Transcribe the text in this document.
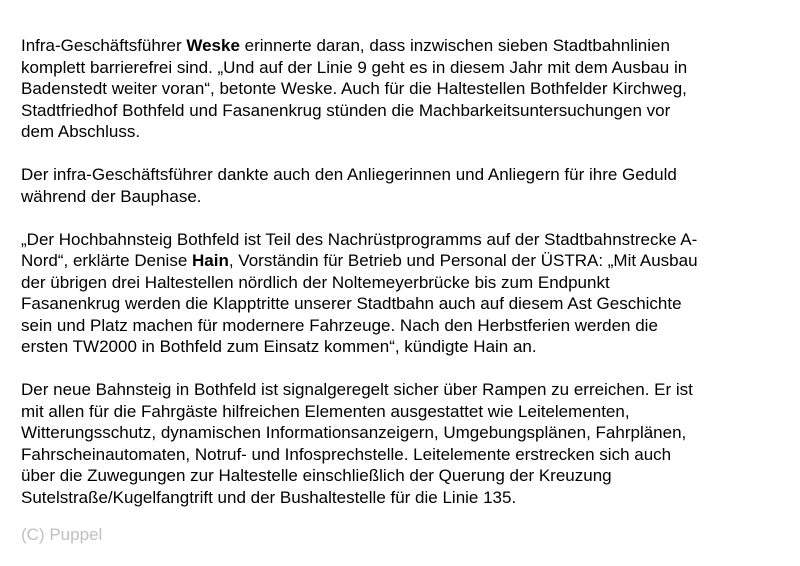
Infra-Geschäftsführer Weske erinnerte daran, dass inzwischen sieben Stadtbahnlinien
komplett barrierefrei sind. „Und auf der Linie 9 geht es in diesem Jahr mit dem Ausbau in
Badenstedt weiter voran“, betonte Weske. Auch für die Haltestellen Bothfelder Kirchweg,
Stadtfriedhof Bothfeld und Fasanenkrug stünden die Machbarkeitsuntersuchungen vor
dem Abschluss.

Der infra-Geschäftsführer dankte auch den Anliegerinnen und Anliegern für ihre Geduld
während der Bauphase.

„Der Hochbahnsteig Bothfeld ist Teil des Nachrüstprogramms auf der Stadtbahnstrecke A-
Nord“, erklärte Denise Hain, Vorständin für Betrieb und Personal der ÜSTRA: „Mit Ausbau
der übrigen drei Haltestellen nördlich der Noltemeyerbrücke bis zum Endpunkt
Fasanenkrug werden die Klapptritte unserer Stadtbahn auch auf diesem Ast Geschichte
sein und Platz machen für modernere Fahrzeuge. Nach den Herbstferien werden die
ersten TW2000 in Bothfeld zum Einsatz kommen“, kündigte Hain an.

Der neue Bahnsteig in Bothfeld ist signalgeregelt sicher über Rampen zu erreichen. Er ist
mit allen für die Fahrgäste hilfreichen Elementen ausgestattet wie Leitelementen,
Witterungsschutz, dynamischen Informationsanzeigern, Umgebungsplänen, Fahrplänen,
Fahrscheinautomaten, Notruf- und Infosprechstelle. Leitelemente erstrecken sich auch
über die Zuwegungen zur Haltestelle einschließlich der Querung der Kreuzung
Sutelstraße/Kugelfangtrift und der Bushaltestelle für die Linie 135.

(C) Puppel
